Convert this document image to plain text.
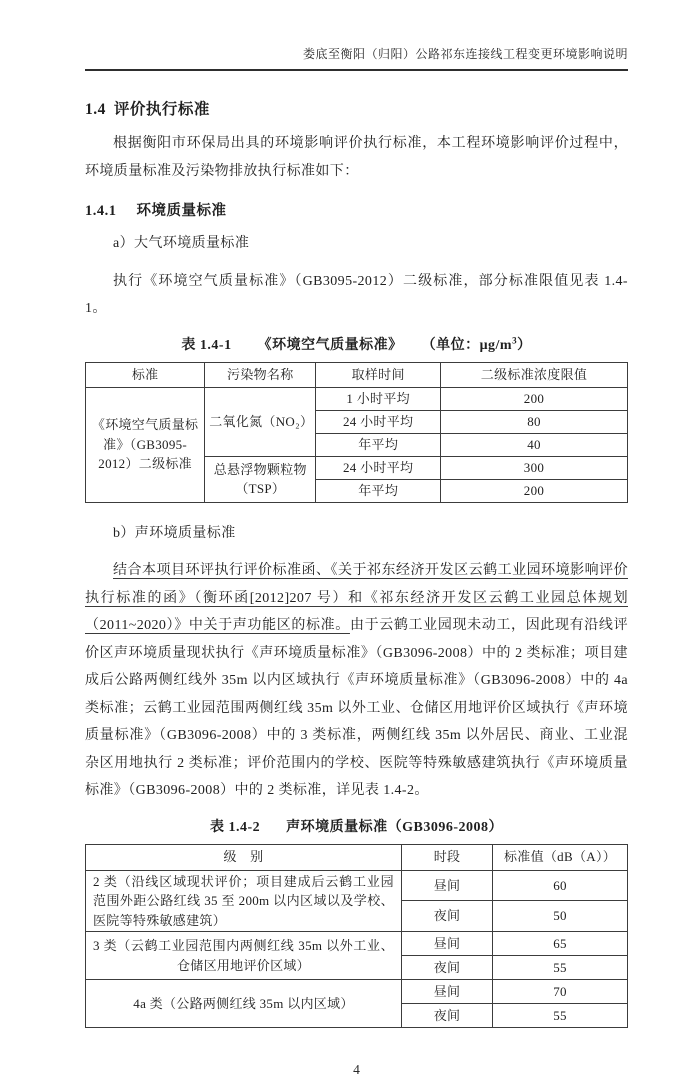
娄底至衡阳（归阳）公路祁东连接线工程变更环境影响说明
1.4 评价执行标准

根据衡阳市环保局出具的环境影响评价执行标准，本工程环境影响评价过程中，环境质量标准及污染物排放执行标准如下：

1.4.1 环境质量标准

a）大气环境质量标准

执行《环境空气质量标准》（GB3095-2012）二级标准，部分标准限值见表 1.4-1。

表 1.4-1 《环境空气质量标准》 （单位：$\mu g/m^3$）
标准	污染物名称	取样时间	二级标准浓度限值
《环境空气质量标准》（GB3095-2012）二级标准	二氧化氮（NO₂）	1 小时平均	200
		24 小时平均	80
		年平均	40
	总悬浮物颗粒物（TSP）	24 小时平均	300
		年平均	200

b）声环境质量标准

结合本项目环评执行评价标准函、《关于祁东经济开发区云鹤工业园环境影响评价执行标准的函》（衡环函[2012]207 号）和《祁东经济开发区云鹤工业园总体规划（2011~2020）》中关于声功能区的标准。由于云鹤工业园现未动工，因此现有沿线评价区声环境质量现状执行《声环境质量标准》（GB3096-2008）中的 2 类标准；项目建成后公路两侧红线外 35m 以内区域执行《声环境质量标准》（GB3096-2008）中的 4a 类标准；云鹤工业园范围两侧红线 35m 以外工业、仓储区用地评价区域执行《声环境质量标准》（GB3096-2008）中的 3 类标准，两侧红线 35m 以外居民、商业、工业混杂区用地执行 2 类标准；评价范围内的学校、医院等特殊敏感建筑执行《声环境质量标准》（GB3096-2008）中的 2 类标准，详见表 1.4-2。

表 1.4-2 声环境质量标准（GB3096-2008）
级　别	时段	标准值（dB（A））
2 类（沿线区域现状评价；项目建成后云鹤工业园范围外距公路红线 35 至 200m 以内区域以及学校、医院等特殊敏感建筑）	昼间	60
	夜间	50
3 类（云鹤工业园范围内两侧红线 35m 以外工业、仓储区用地评价区域）	昼间	65
	夜间	55
4a 类（公路两侧红线 35m 以内区域）	昼间	70
	夜间	55
4
